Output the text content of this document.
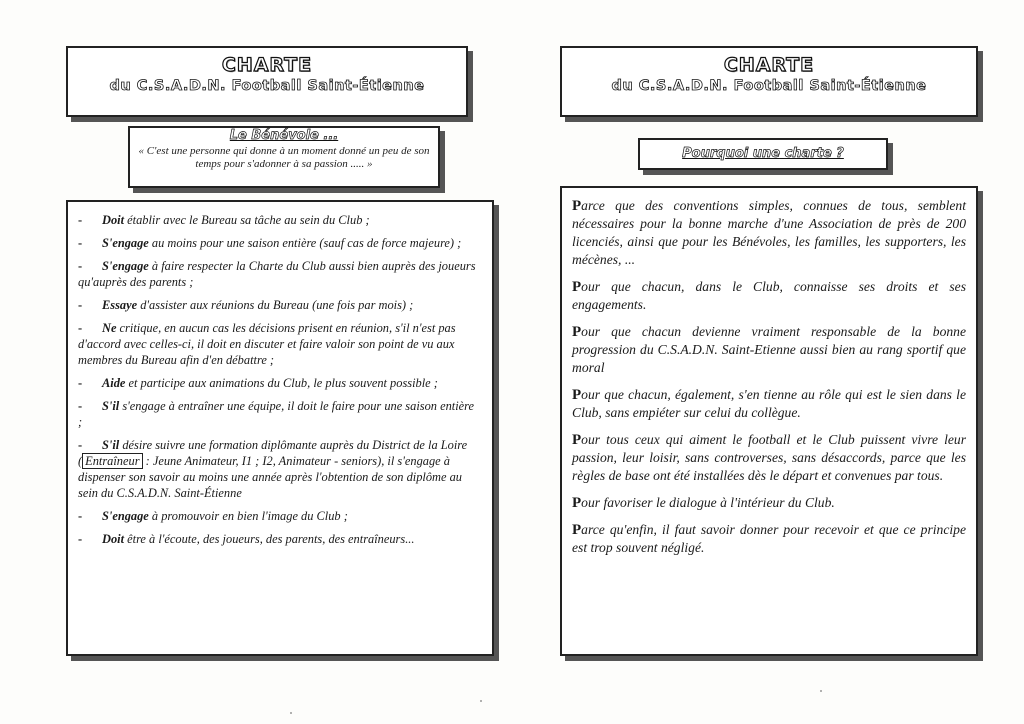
CHARTE
du C.S.A.D.N. Football Saint-Étienne
Le Bénévole ...
« C'est une personne qui donne à un moment donné un peu de son temps pour s'adonner à sa passion ..... »
- Doit établir avec le Bureau sa tâche au sein du Club ;
- S'engage au moins pour une saison entière (sauf cas de force majeure) ;
- S'engage à faire respecter la Charte du Club aussi bien auprès des joueurs qu'auprès des parents ;
- Essaye d'assister aux réunions du Bureau (une fois par mois) ;
- Ne critique, en aucun cas les décisions prisent en réunion, s'il n'est pas d'accord avec celles-ci, il doit en discuter et faire valoir son point de vu aux membres du Bureau afin d'en débattre ;
- Aide et participe aux animations du Club, le plus souvent possible ;
- S'il s'engage à entraîner une équipe, il doit le faire pour une saison entière ;
- S'il désire suivre une formation diplômante auprès du District de la Loire ( Entraîneur : Jeune Animateur, I1 ; I2, Animateur - seniors), il s'engage à dispenser son savoir au moins une année après l'obtention de son diplôme au sein du C.S.A.D.N. Saint-Étienne
- S'engage à promouvoir en bien l'image du Club ;
- Doit être à l'écoute, des joueurs, des parents, des entraîneurs...
CHARTE
du C.S.A.D.N. Football Saint-Étienne
Pourquoi une charte ?
Parce que des conventions simples, connues de tous, semblent nécessaires pour la bonne marche d'une Association de près de 200 licenciés, ainsi que pour les Bénévoles, les familles, les supporters, les mécènes, ...
Pour que chacun, dans le Club, connaisse ses droits et ses engagements.
Pour que chacun devienne vraiment responsable de la bonne progression du C.S.A.D.N. Saint-Etienne aussi bien au rang sportif que moral
Pour que chacun, également, s'en tienne au rôle qui est le sien dans le Club, sans empiéter sur celui du collègue.
Pour tous ceux qui aiment le football et le Club puissent vivre leur passion, leur loisir, sans controverses, sans désaccords, parce que les règles de base ont été installées dès le départ et convenues par tous.
Pour favoriser le dialogue à l'intérieur du Club.
Parce qu'enfin, il faut savoir donner pour recevoir et que ce principe est trop souvent négligé.
